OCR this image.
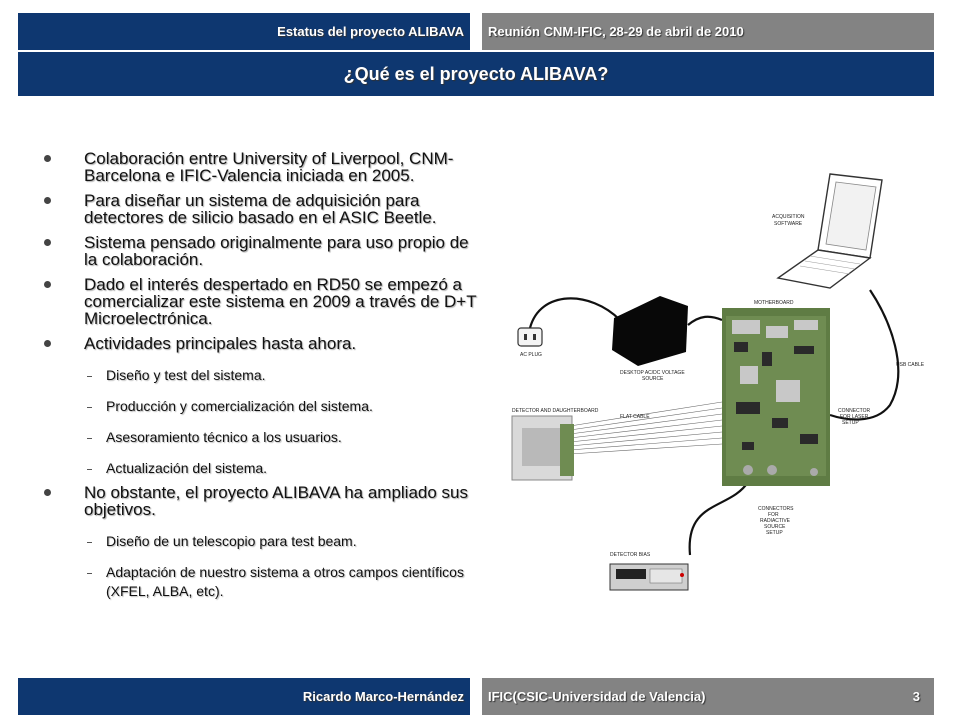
Estatus del proyecto ALIBAVA Reunión CNM-IFIC, 28-29 de abril de 2010
¿Qué es el proyecto ALIBAVA?
Colaboración entre University of Liverpool, CNM-Barcelona e IFIC-Valencia iniciada en 2005.
Para diseñar un sistema de adquisición para detectores de silicio basado en el ASIC Beetle.
Sistema pensado originalmente para uso propio de la colaboración.
Dado el interés despertado en RD50 se empezó a comercializar este sistema en 2009 a través de D+T Microelectrónica.
Actividades principales hasta ahora.
Diseño y test del sistema.
Producción y comercialización del sistema.
Asesoramiento técnico a los usuarios.
Actualización del sistema.
No obstante, el proyecto ALIBAVA ha ampliado sus objetivos.
Diseño de un telescopio para test beam.
Adaptación de nuestro sistema a otros campos científicos (XFEL, ALBA, etc).
ACQUISITION
SOFTWARE
MOTHERBOARD
AC PLUG
DESKTOP AC/DC VOLTAGE
SOURCE
USB CABLE
DETECTOR AND DAUGHTERBOARD
FLAT CABLE
CONNECTOR
FOR LASER
SETUP
CONNECTORS
FOR
RADIACTIVE
SOURCE
SETUP
DETECTOR BIAS
Ricardo Marco-Hernández IFIC(CSIC-Universidad de Valencia)	3
